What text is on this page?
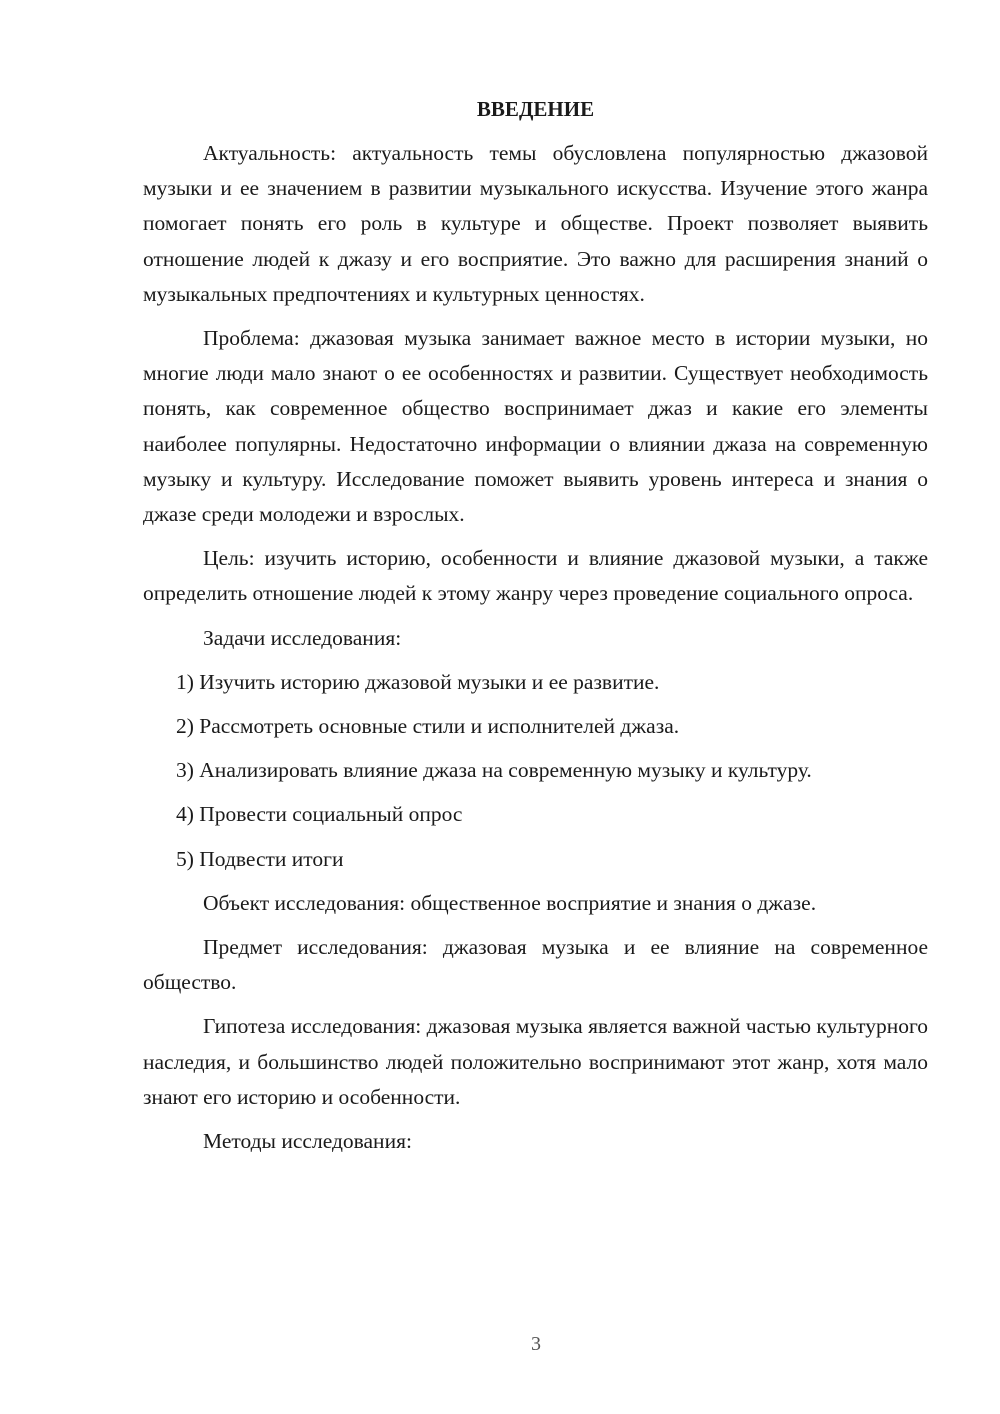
ВВЕДЕНИЕ

Актуальность: актуальность темы обусловлена популярностью джазовой музыки и ее значением в развитии музыкального искусства. Изучение этого жанра помогает понять его роль в культуре и обществе. Проект позволяет выявить отношение людей к джазу и его восприятие. Это важно для расширения знаний о музыкальных предпочтениях и культурных ценностях.

Проблема: джазовая музыка занимает важное место в истории музыки, но многие люди мало знают о ее особенностях и развитии. Существует необходимость понять, как современное общество воспринимает джаз и какие его элементы наиболее популярны. Недостаточно информации о влиянии джаза на современную музыку и культуру. Исследование поможет выявить уровень интереса и знания о джазе среди молодежи и взрослых.

Цель: изучить историю, особенности и влияние джазовой музыки, а также определить отношение людей к этому жанру через проведение социального опроса.

Задачи исследования:

1) Изучить историю джазовой музыки и ее развитие.
2) Рассмотреть основные стили и исполнителей джаза.
3) Анализировать влияние джаза на современную музыку и культуру.
4) Провести социальный опрос
5) Подвести итоги

Объект исследования: общественное восприятие и знания о джазе.

Предмет исследования: джазовая музыка и ее влияние на современное общество.

Гипотеза исследования: джазовая музыка является важной частью культурного наследия, и большинство людей положительно воспринимают этот жанр, хотя мало знают его историю и особенности.

Методы исследования:

3
